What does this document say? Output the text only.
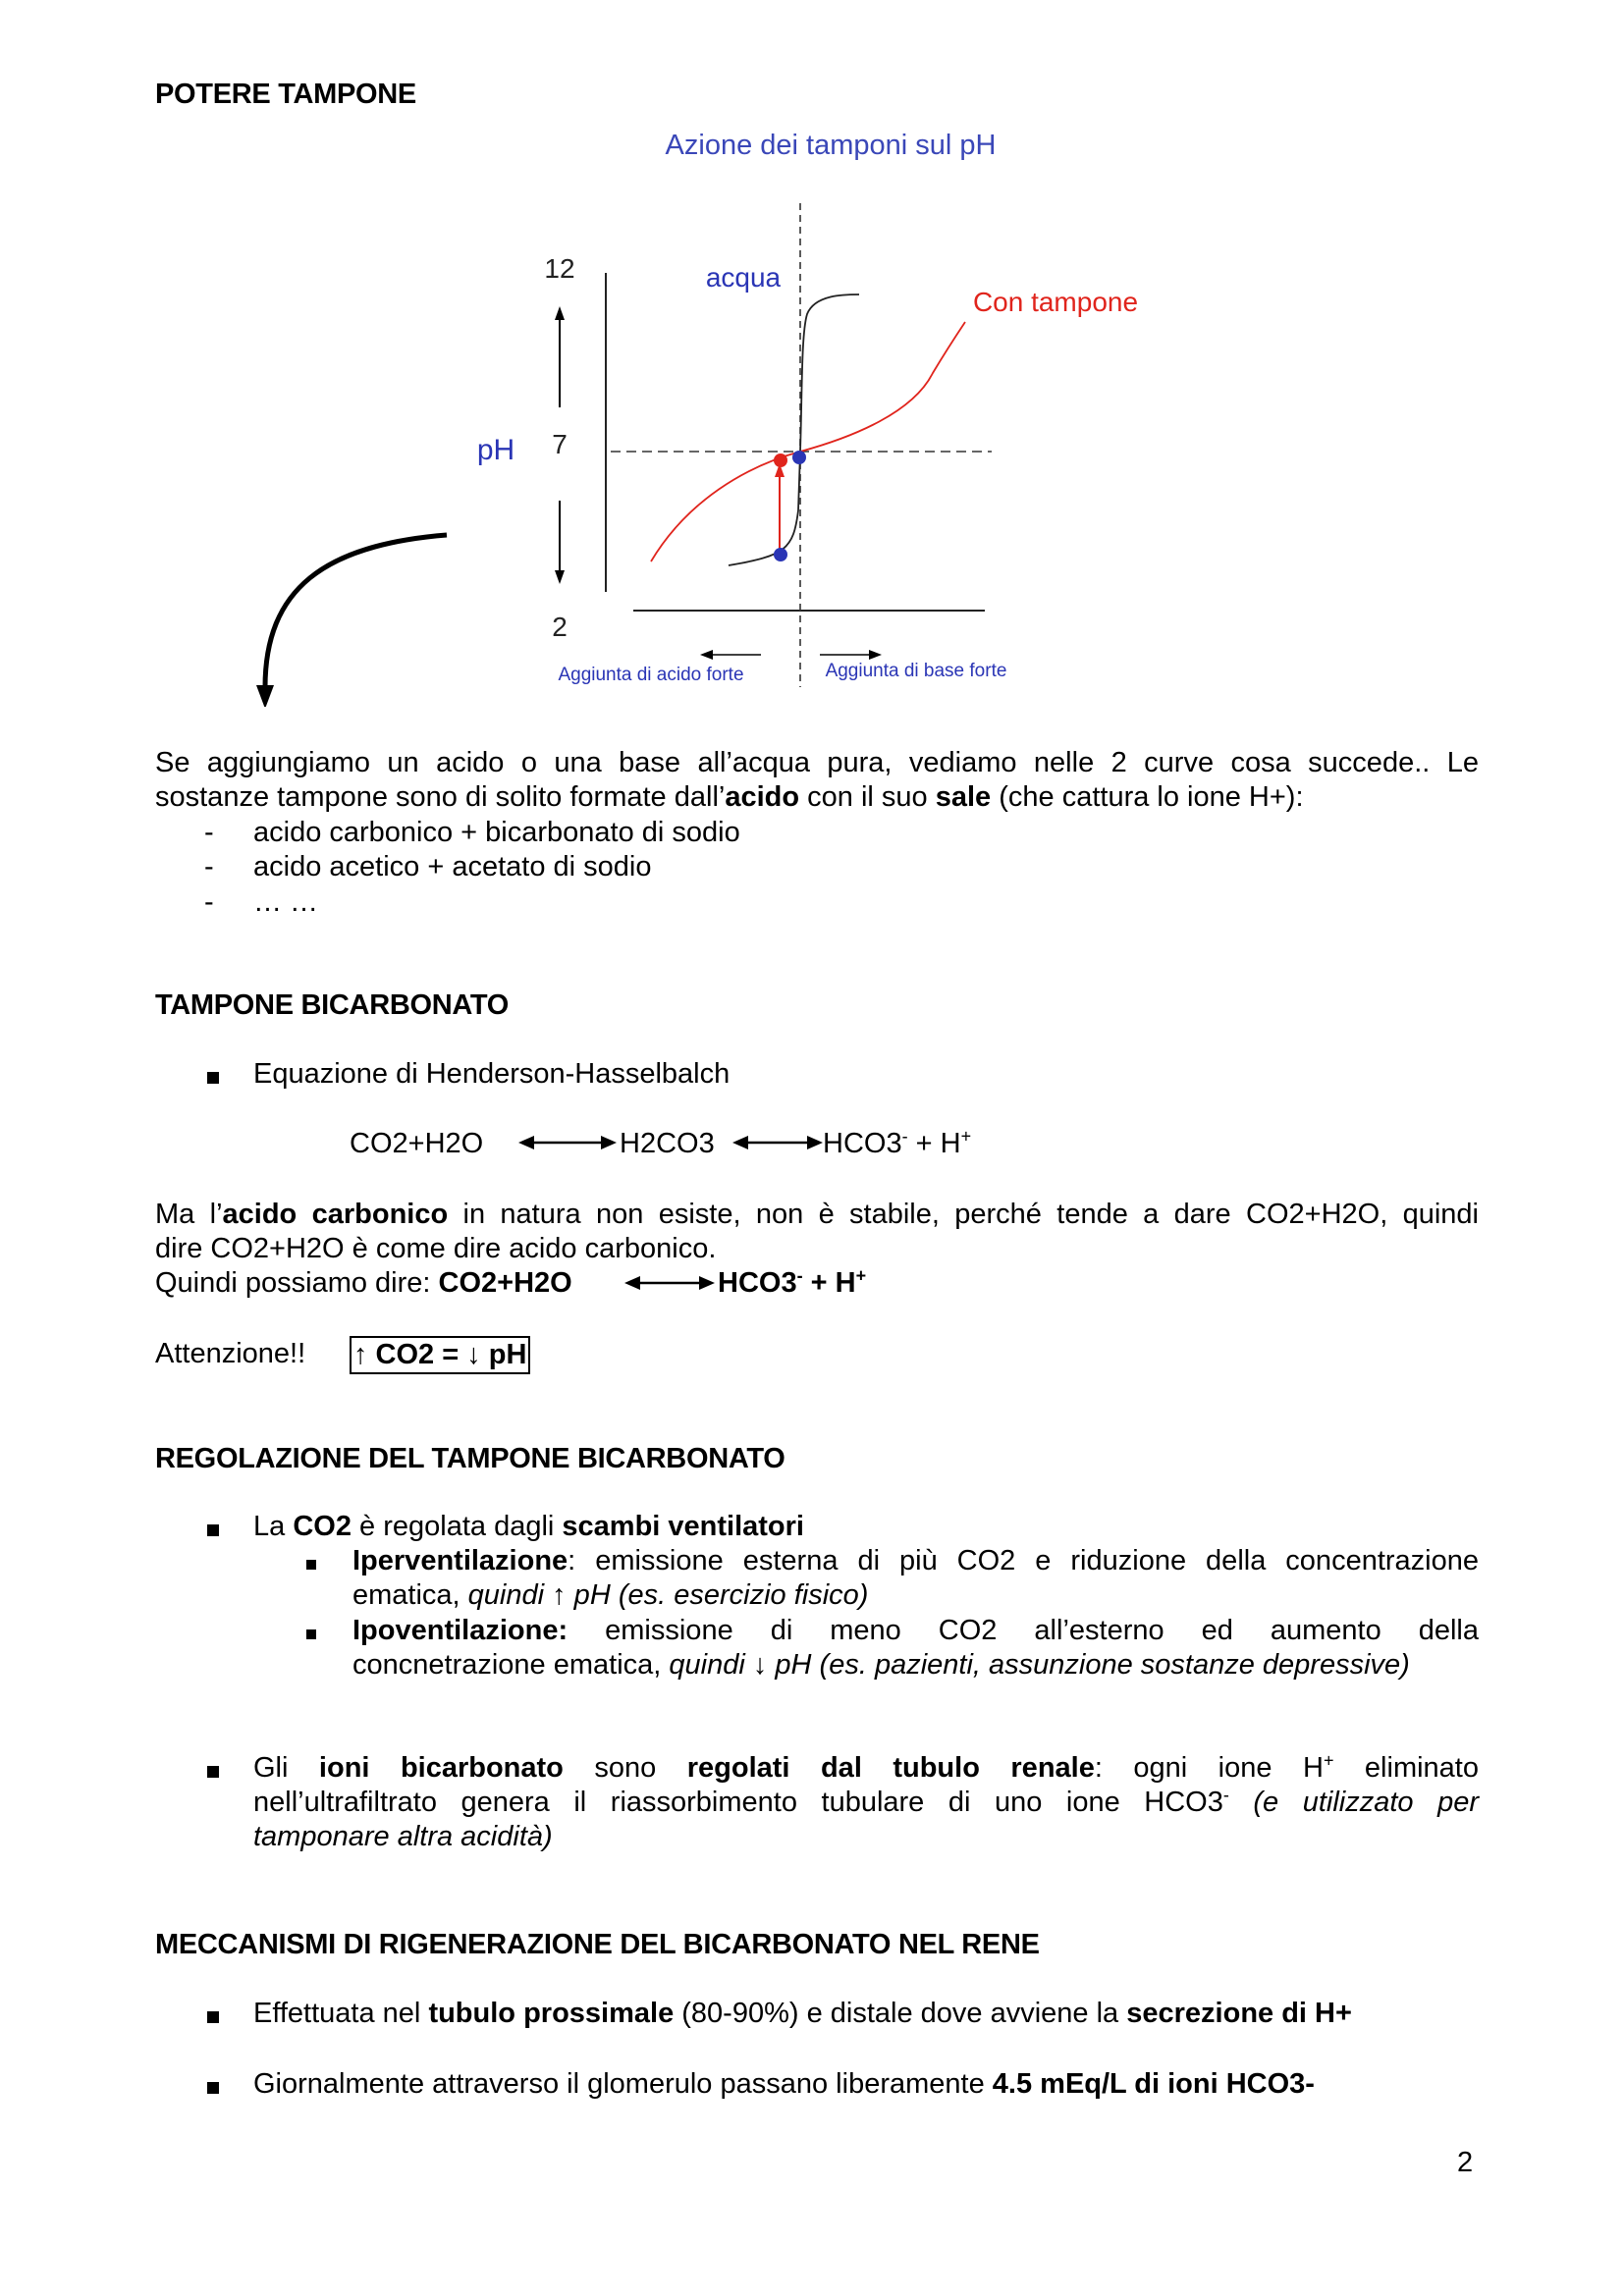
POTERE TAMPONE
Azione dei tamponi sul pH
12
7
2
pH
acqua
Con tampone
Aggiunta di acido forte	Aggiunta di base forte
Se aggiungiamo un acido o una base all’acqua pura, vediamo nelle 2 curve cosa succede.. Le
sostanze tampone sono di solito formate dall’acido con il suo sale (che cattura lo ione H+):
- acido carbonico + bicarbonato di sodio
- acido acetico + acetato di sodio
- … …
TAMPONE BICARBONATO
Equazione di Henderson-Hasselbalch
CO2+H2O	H2CO3	HCO3- + H+
Ma l’acido carbonico in natura non esiste, non è stabile, perché tende a dare CO2+H2O, quindi
dire CO2+H2O è come dire acido carbonico.
Quindi possiamo dire: CO2+H2O	HCO3- + H+
Attenzione!! ↑ CO2 = ↓ pH
REGOLAZIONE DEL TAMPONE BICARBONATO
La CO2 è regolata dagli scambi ventilatori
Iperventilazione: emissione esterna di più CO2 e riduzione della concentrazione
ematica, quindi ↑ pH (es. esercizio fisico)
Ipoventilazione: emissione di meno CO2 all’esterno ed aumento della
concnetrazione ematica, quindi ↓ pH (es. pazienti, assunzione sostanze depressive)
Gli ioni bicarbonato sono regolati dal tubulo renale: ogni ione H+ eliminato
nell’ultrafiltrato genera il riassorbimento tubulare di uno ione HCO3- (e utilizzato per
tamponare altra acidità)
MECCANISMI DI RIGENERAZIONE DEL BICARBONATO NEL RENE
Effettuata nel tubulo prossimale (80-90%) e distale dove avviene la secrezione di H+
Giornalmente attraverso il glomerulo passano liberamente 4.5 mEq/L di ioni HCO3-
2
